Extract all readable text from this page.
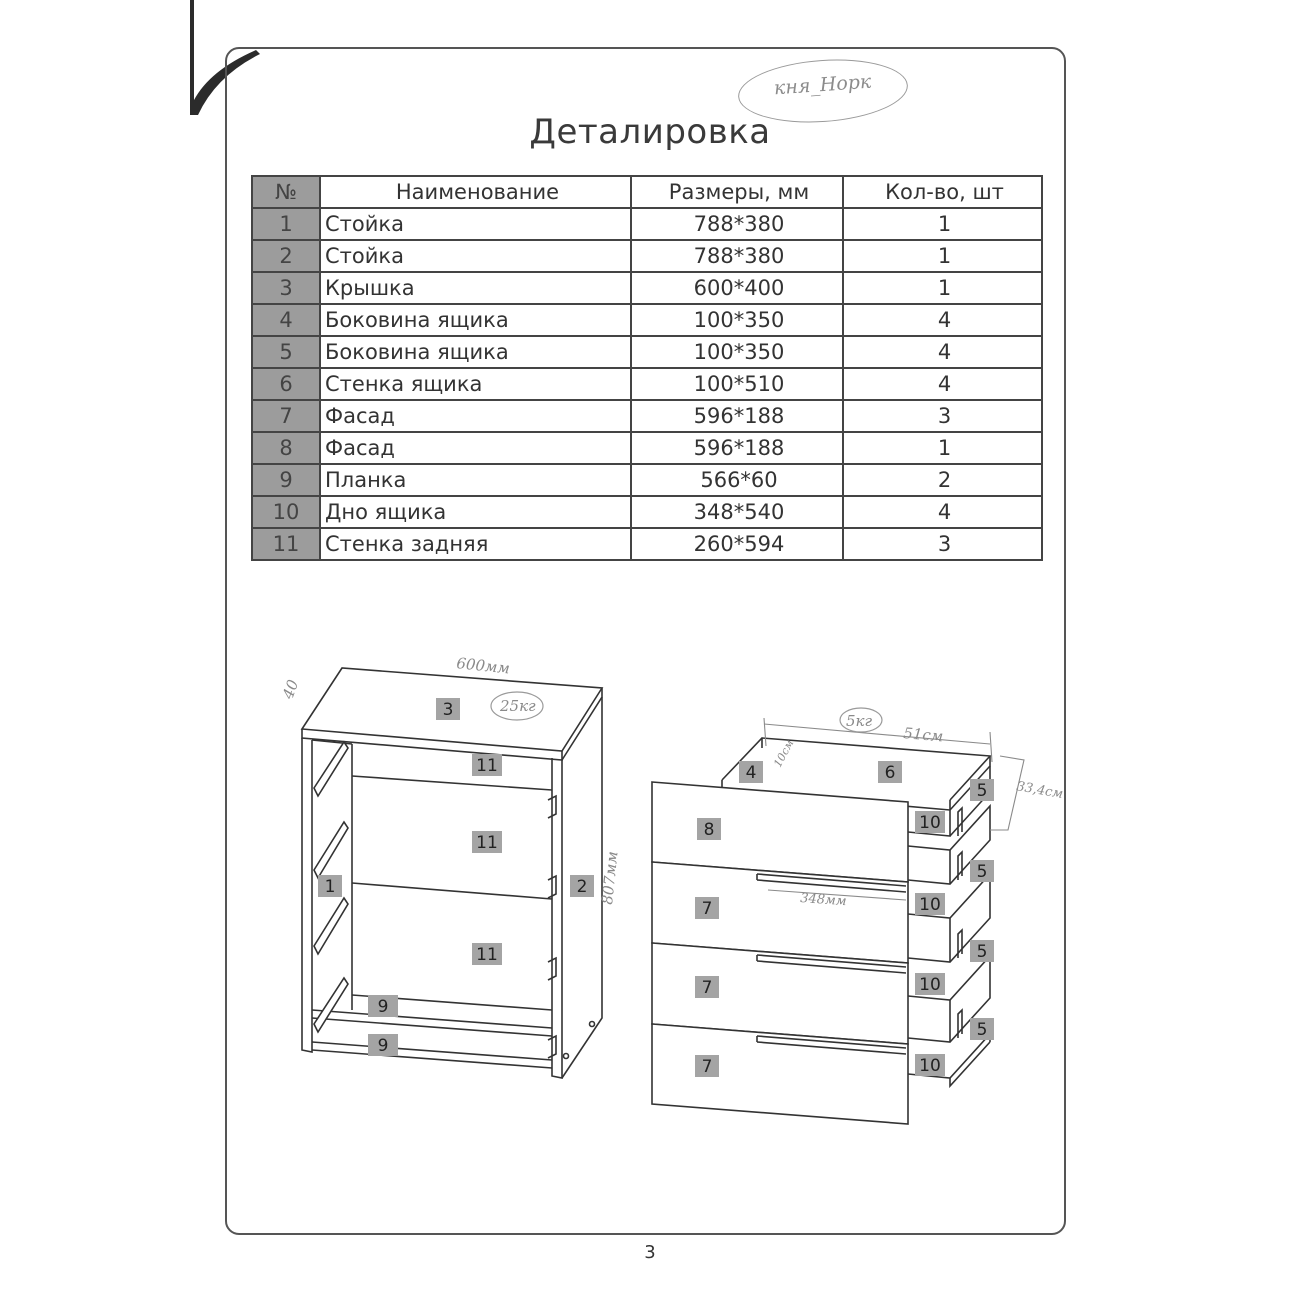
кня_Норк
Деталировка
№	Наименование	Размеры, мм	Кол-во, шт
1	Стойка	788*380	1
2	Стойка	788*380	1
3	Крышка	600*400	1
4	Боковина ящика	100*350	4
5	Боковина ящика	100*350	4
6	Стенка ящика	100*510	4
7	Фасад	596*188	3
8	Фасад	596*188	1
9	Планка	566*60	2
10	Дно ящика	348*540	4
11	Стенка задняя	260*594	3
3
11
11
11
1	2
9
9
600мм
25кг
807мм
40
5кг
51см
10см
33,4см
348мм
8
7
7
7
4	6
5
5
5
5
10
10
10
10
3
